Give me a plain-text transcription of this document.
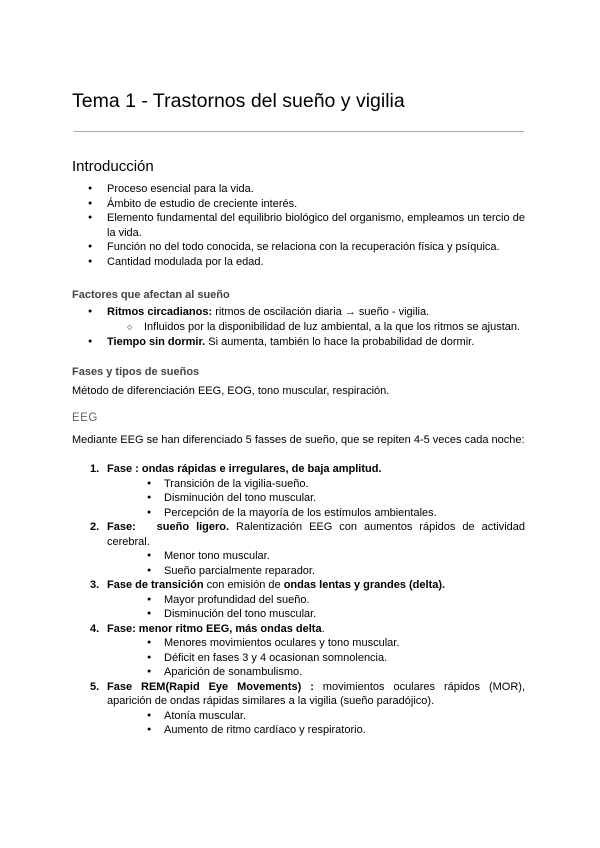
Tema 1 - Trastornos del sueño y vigilia
Introducción
● Proceso esencial para la vida.
● Ámbito de estudio de creciente interés.
● Elemento fundamental del equilibrio biológico del organismo, empleamos un tercio de la vida.
● Función no del todo conocida, se relaciona con la recuperación física y psíquica.
● Cantidad modulada por la edad.
Factores que afectan al sueño
● Ritmos circadianos: ritmos de oscilación diaria → sueño - vigilia.
○ Influidos por la disponibilidad de luz ambiental, a la que los ritmos se ajustan.
● Tiempo sin dormir. Si aumenta, también lo hace la probabilidad de dormir.
Fases y tipos de sueños

Método de diferenciación EEG, EOG, tono muscular, respiración.

EEG

Mediante EEG se han diferenciado 5 fasses de sueño, que se repiten 4-5 veces cada noche:

1. Fase : ondas rápidas e irregulares, de baja amplitud.
● Transición de la vigilia-sueño.
● Disminución del tono muscular.
● Percepción de la mayoría de los estímulos ambientales.
2. Fase:   sueño ligero. Ralentización EEG con aumentos rápidos de actividad cerebral.
● Menor tono muscular.
● Sueño parcialmente reparador.
3. Fase de transición con emisión de ondas lentas y grandes (delta).
● Mayor profundidad del sueño.
● Disminución del tono muscular.
4. Fase: menor ritmo EEG, más ondas delta.
● Menores movimientos oculares y tono muscular.
● Déficit en fases 3 y 4 ocasionan somnolencia.
● Aparición de sonambulismo.
5. Fase REM(Rapid Eye Movements) : movimientos oculares rápidos (MOR), aparición de ondas rápidas similares a la vigilia (sueño paradójico).
● Atonía muscular.
● Aumento de ritmo cardíaco y respiratorio.
